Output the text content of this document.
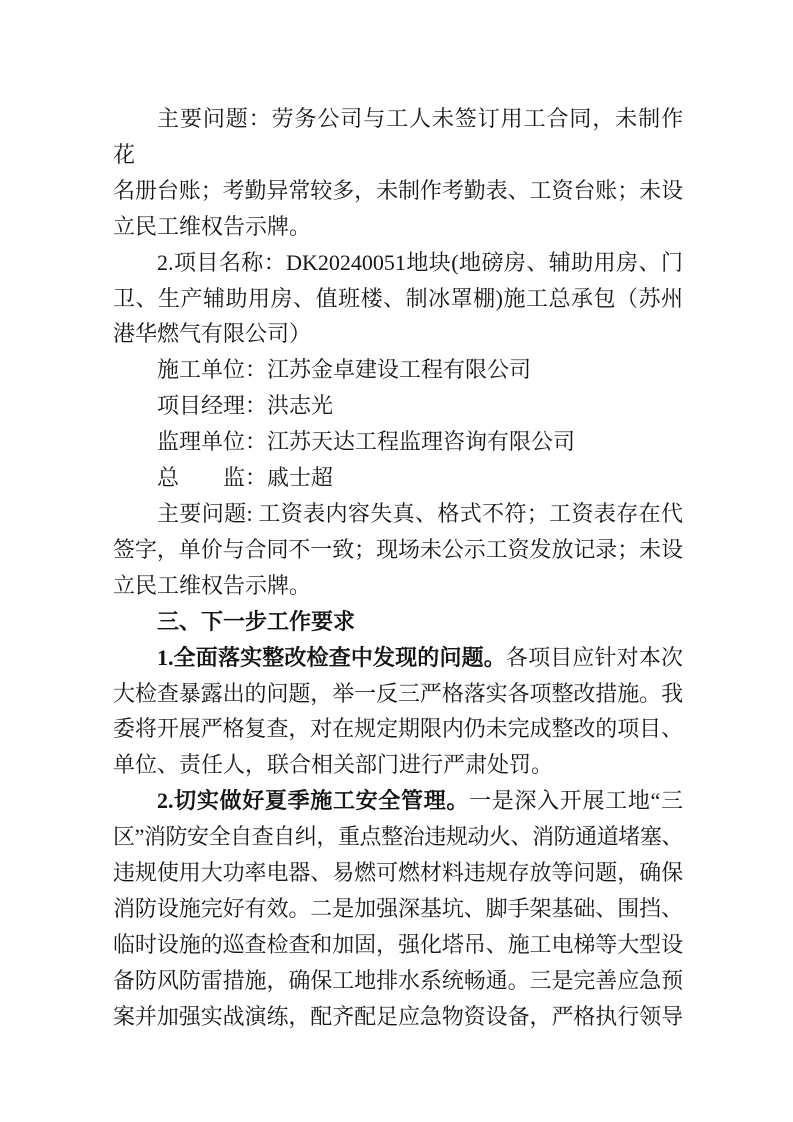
主要问题：劳务公司与工人未签订用工合同，未制作花
名册台账；考勤异常较多，未制作考勤表、工资台账；未设
立民工维权告示牌。
2.项目名称：DK20240051地块(地磅房、辅助用房、门
卫、生产辅助用房、值班楼、制冰罩棚)施工总承包（苏州
港华燃气有限公司）
施工单位：江苏金卓建设工程有限公司
项目经理：洪志光
监理单位：江苏天达工程监理咨询有限公司
总　　监：戚士超
主要问题: 工资表内容失真、格式不符；工资表存在代
签字，单价与合同不一致；现场未公示工资发放记录；未设
立民工维权告示牌。
三、下一步工作要求
1.全面落实整改检查中发现的问题。各项目应针对本次
大检查暴露出的问题，举一反三严格落实各项整改措施。我
委将开展严格复查，对在规定期限内仍未完成整改的项目、
单位、责任人，联合相关部门进行严肃处罚。
2.切实做好夏季施工安全管理。一是深入开展工地“三
区”消防安全自查自纠，重点整治违规动火、消防通道堵塞、
违规使用大功率电器、易燃可燃材料违规存放等问题，确保
消防设施完好有效。二是加强深基坑、脚手架基础、围挡、
临时设施的巡查检查和加固，强化塔吊、施工电梯等大型设
备防风防雷措施，确保工地排水系统畅通。三是完善应急预
案并加强实战演练，配齐配足应急物资设备，严格执行领导
